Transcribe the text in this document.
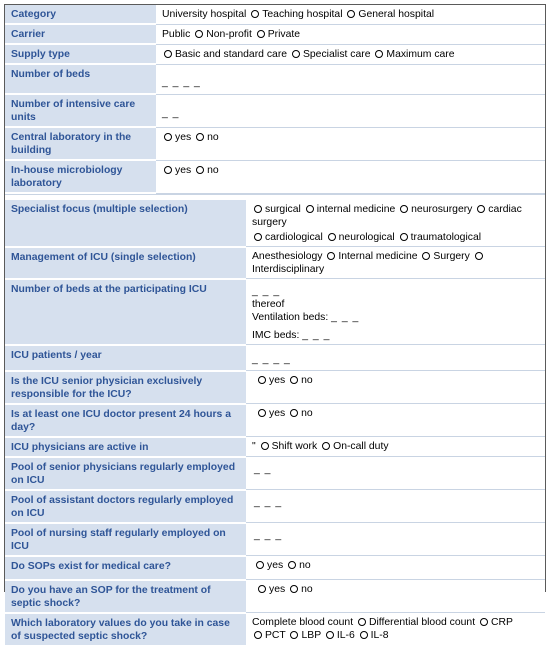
Category	University hospital Teaching hospital General hospital
Carrier	Public Non-profit Private
Supply type	Basic and standard care Specialist care Maximum care
Number of beds	_ _ _ _
Number of intensive care units	_ _
Central laboratory in the building	yes no
In-house microbiology laboratory	yes no
Specialist focus (multiple selection)	surgical internal medicine neurosurgery cardiac surgery
cardiological neurological traumatological
Management of ICU (single selection)	Anesthesiology Internal medicine Surgery Interdisciplinary
Number of beds at the participating ICU	_ _ _
thereof
Ventilation beds: _ _ _
IMC beds: _ _ _

ICU patients / year	_ _ _ _
Is the ICU senior physician exclusively responsible for the ICU?	yes no
Is at least one ICU doctor present 24 hours a day?	yes no
ICU physicians are active in	" Shift work On-call duty
Pool of senior physicians regularly employed on ICU	_ _
Pool of assistant doctors regularly employed on ICU	_ _ _
Pool of nursing staff regularly employed on ICU	_ _ _
Do SOPs exist for medical care?	yes no
Do you have an SOP for the treatment of septic shock?	yes no
Which laboratory values do you take in case of suspected septic shock?	Complete blood count Differential blood count CRP
PCT LBP IL-6 IL-8
